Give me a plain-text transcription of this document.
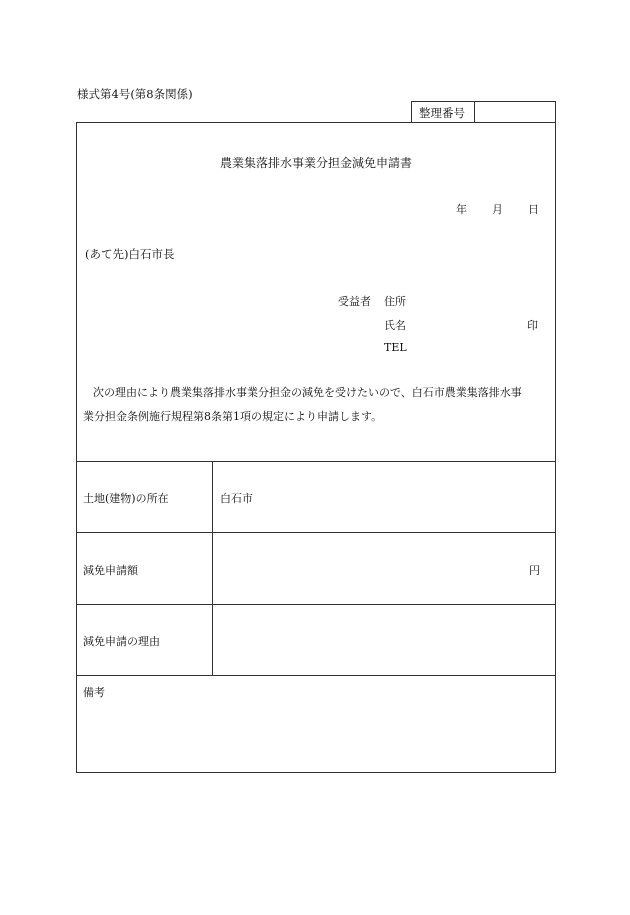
様式第4号(第8条関係)
整理番号
農業集落排水事業分担金減免申請書
年 月 日
(あて先)白石市長
受益者 住所
氏名	印
TEL
次の理由により農業集落排水事業分担金の減免を受けたいので、白石市農業集落排水事
業分担金条例施行規程第8条第1項の規定により申請します。
土地(建物)の所在	白石市
減免申請額	円
減免申請の理由
備考
